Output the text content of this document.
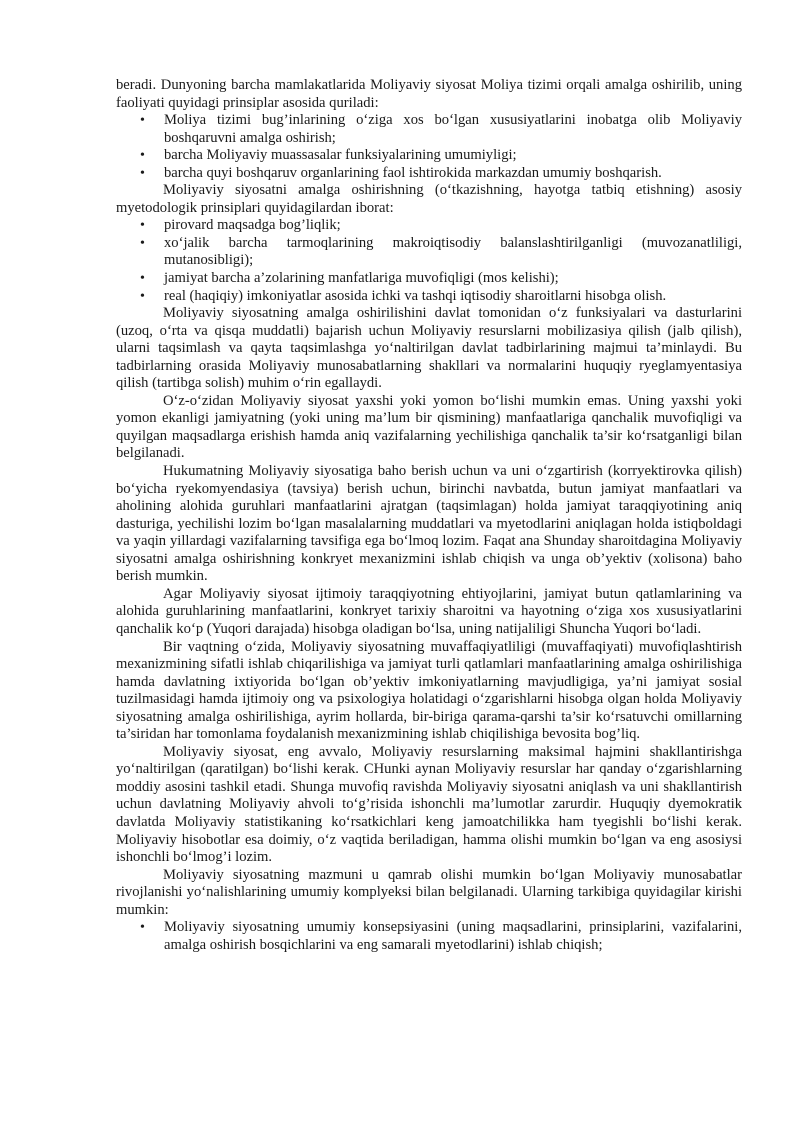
beradi. Dunyoning barcha mamlakatlarida Moliyaviy siyosat Moliya tizimi orqali amalga oshirilib, uning faoliyati quyidagi prinsiplar asosida quriladi:

• Moliya tizimi bug’inlarining o‘ziga xos bo‘lgan xususiyatlarini inobatga olib Moliyaviy boshqaruvni amalga oshirish;
• barcha Moliyaviy muassasalar funksiyalarining umumiyligi;
• barcha quyi boshqaruv organlarining faol ishtirokida markazdan umumiy boshqarish.

Moliyaviy siyosatni amalga oshirishning (o‘tkazishning, hayotga tatbiq etishning) asosiy myetodologik prinsiplari quyidagilardan iborat:

• pirovard maqsadga bog’liqlik;
• xo‘jalik barcha tarmoqlarining makroiqtisodiy balanslashtirilganligi (muvozanatliligi, mutanosibligi);
• jamiyat barcha a’zolarining manfatlariga muvofiqligi (mos kelishi);
• real (haqiqiy) imkoniyatlar asosida ichki va tashqi iqtisodiy sharoitlarni hisobga olish.

Moliyaviy siyosatning amalga oshirilishini davlat tomonidan o‘z funksiyalari va dasturlarini (uzoq, o‘rta va qisqa muddatli) bajarish uchun Moliyaviy resurslarni mobilizasiya qilish (jalb qilish), ularni taqsimlash va qayta taqsimlashga yo‘naltirilgan davlat tadbirlarining majmui ta’minlaydi. Bu tadbirlarning orasida Moliyaviy munosabatlarning shakllari va normalarini huquqiy ryeglamyentasiya qilish (tartibga solish) muhim o‘rin egallaydi.

O‘z-o‘zidan Moliyaviy siyosat yaxshi yoki yomon bo‘lishi mumkin emas. Uning yaxshi yoki yomon ekanligi jamiyatning (yoki uning ma’lum bir qismining) manfaatlariga qanchalik muvofiqligi va quyilgan maqsadlarga erishish hamda aniq vazifalarning yechilishiga qanchalik ta’sir ko‘rsatganligi bilan belgilanadi.

Hukumatning Moliyaviy siyosatiga baho berish uchun va uni o‘zgartirish (korryektirovka qilish) bo‘yicha ryekomyendasiya (tavsiya) berish uchun, birinchi navbatda, butun jamiyat manfaatlari va aholining alohida guruhlari manfaatlarini ajratgan (taqsimlagan) holda jamiyat taraqqiyotining aniq dasturiga, yechilishi lozim bo‘lgan masalalarning muddatlari va myetodlarini aniqlagan holda istiqboldagi va yaqin yillardagi vazifalarning tavsifiga ega bo‘lmoq lozim. Faqat ana Shunday sharoitdagina Moliyaviy siyosatni amalga oshirishning konkryet mexanizmini ishlab chiqish va unga ob’yektiv (xolisona) baho berish mumkin.

Agar Moliyaviy siyosat ijtimoiy taraqqiyotning ehtiyojlarini, jamiyat butun qatlamlarining va alohida guruhlarining manfaatlarini, konkryet tarixiy sharoitni va hayotning o‘ziga xos xususiyatlarini qanchalik ko‘p (Yuqori darajada) hisobga oladigan bo‘lsa, uning natijaliligi Shuncha Yuqori bo‘ladi.

Bir vaqtning o‘zida, Moliyaviy siyosatning muvaffaqiyatliligi (muvaffaqiyati) muvofiqlashtirish mexanizmining sifatli ishlab chiqarilishiga va jamiyat turli qatlamlari manfaatlarining amalga oshirilishiga hamda davlatning ixtiyorida bo‘lgan ob’yektiv imkoniyatlarning mavjudligiga, ya’ni jamiyat sosial tuzilmasidagi hamda ijtimoiy ong va psixologiya holatidagi o‘zgarishlarni hisobga olgan holda Moliyaviy siyosatning amalga oshirilishiga, ayrim hollarda, bir-biriga qarama-qarshi ta’sir ko‘rsatuvchi omillarning ta’siridan har tomonlama foydalanish mexanizmining ishlab chiqilishiga bevosita bog’liq.

Moliyaviy siyosat, eng avvalo, Moliyaviy resurslarning maksimal hajmini shakllantirishga yo‘naltirilgan (qaratilgan) bo‘lishi kerak. CHunki aynan Moliyaviy resurslar har qanday o‘zgarishlarning moddiy asosini tashkil etadi. Shunga muvofiq ravishda Moliyaviy siyosatni aniqlash va uni shakllantirish uchun davlatning Moliyaviy ahvoli to‘g’risida ishonchli ma’lumotlar zarurdir. Huquqiy dyemokratik davlatda Moliyaviy statistikaning ko‘rsatkichlari keng jamoatchilikka ham tyegishli bo‘lishi kerak. Moliyaviy hisobotlar esa doimiy, o‘z vaqtida beriladigan, hamma olishi mumkin bo‘lgan va eng asosiysi ishonchli bo‘lmog’i lozim.

Moliyaviy siyosatning mazmuni u qamrab olishi mumkin bo‘lgan Moliyaviy munosabatlar rivojlanishi yo‘nalishlarining umumiy komplyeksi bilan belgilanadi. Ularning tarkibiga quyidagilar kirishi mumkin:

• Moliyaviy siyosatning umumiy konsepsiyasini (uning maqsadlarini, prinsiplarini, vazifalarini, amalga oshirish bosqichlarini va eng samarali myetodlarini) ishlab chiqish;
